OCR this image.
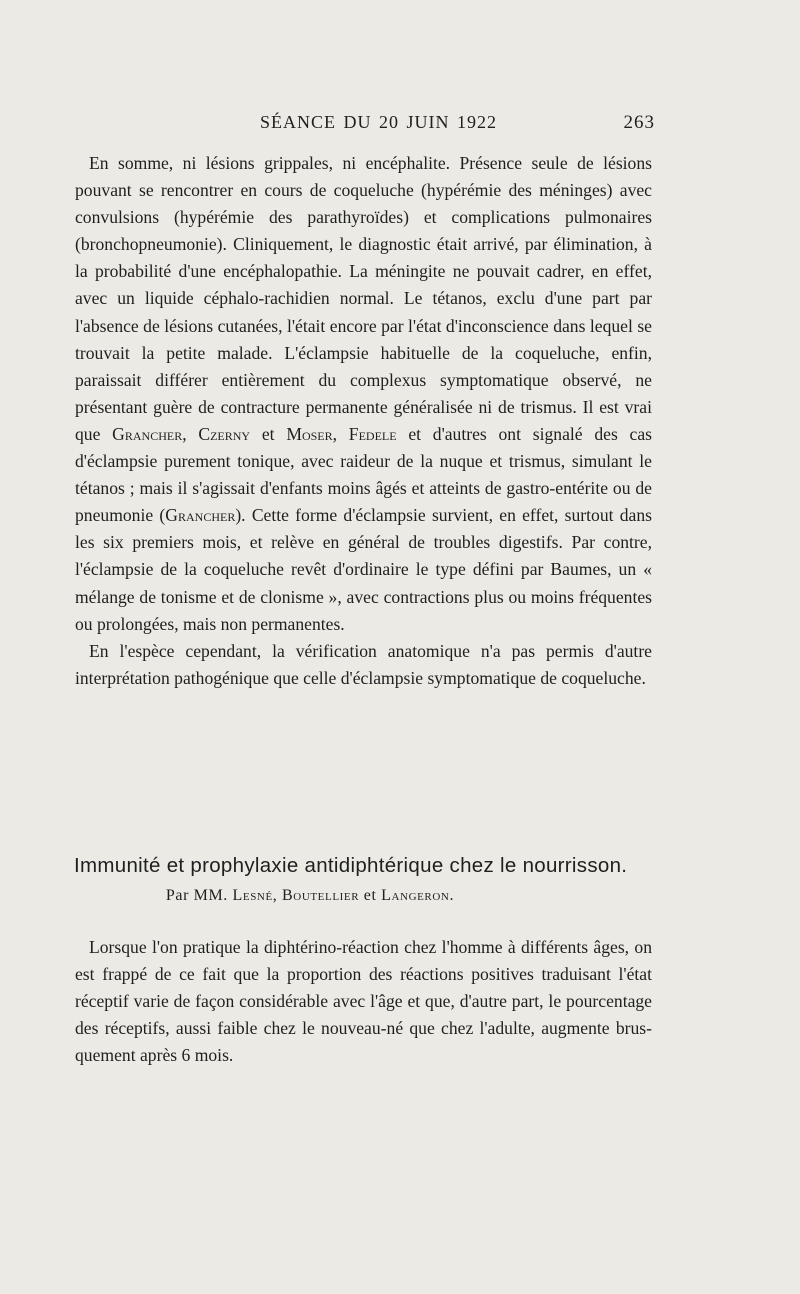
SÉANCE DU 20 JUIN 1922	263

En somme, ni lésions grippales, ni encéphalite. Présence seule de lésions pouvant se rencontrer en cours de coqueluche (hypérémie des méninges) avec convulsions (hypérémie des parathyroïdes) et complications pulmonaires (bronchopneumonie). Cliniquement, le diagnostic était arrivé, par élimination, à la probabilité d'une encéphalopathie. La méningite ne pouvait cadrer, en effet, avec un liquide céphalo-rachidien normal. Le tétanos, exclu d'une part par l'absence de lésions cutanées, l'était encore par l'état d'inconscience dans lequel se trouvait la petite malade. L'éclampsie habituelle de la coqueluche, enfin, paraissait différer entièrement du complexus symptomatique observé, ne présentant guère de contracture permanente généralisée ni de trismus. Il est vrai que Grancher, Czerny et Moser, Fedele et d'autres ont signalé des cas d'éclampsie purement tonique, avec raideur de la nuque et trismus, simulant le tétanos ; mais il s'agissait d'enfants moins âgés et atteints de gastro-entérite ou de pneumonie (Grancher). Cette forme d'éclampsie survient, en effet, surtout dans les six premiers mois, et relève en général de troubles digestifs. Par contre, l'éclampsie de la coqueluche revêt d'ordinaire le type défini par Baumes, un « mélange de tonisme et de clonisme », avec contractions plus ou moins fréquentes ou prolongées, mais non permanentes.

En l'espèce cependant, la vérification anatomique n'a pas permis d'autre interprétation pathogénique que celle d'éclampsie symptomatique de coqueluche.

Immunité et prophylaxie antidiphtérique chez le nourrisson.
Par MM. Lesné, Boutellier et Langeron.

Lorsque l'on pratique la diphtérino-réaction chez l'homme à différents âges, on est frappé de ce fait que la proportion des réactions positives traduisant l'état réceptif varie de façon considérable avec l'âge et que, d'autre part, le pourcentage des réceptifs, aussi faible chez le nouveau-né que chez l'adulte, augmente brusquement après 6 mois.
